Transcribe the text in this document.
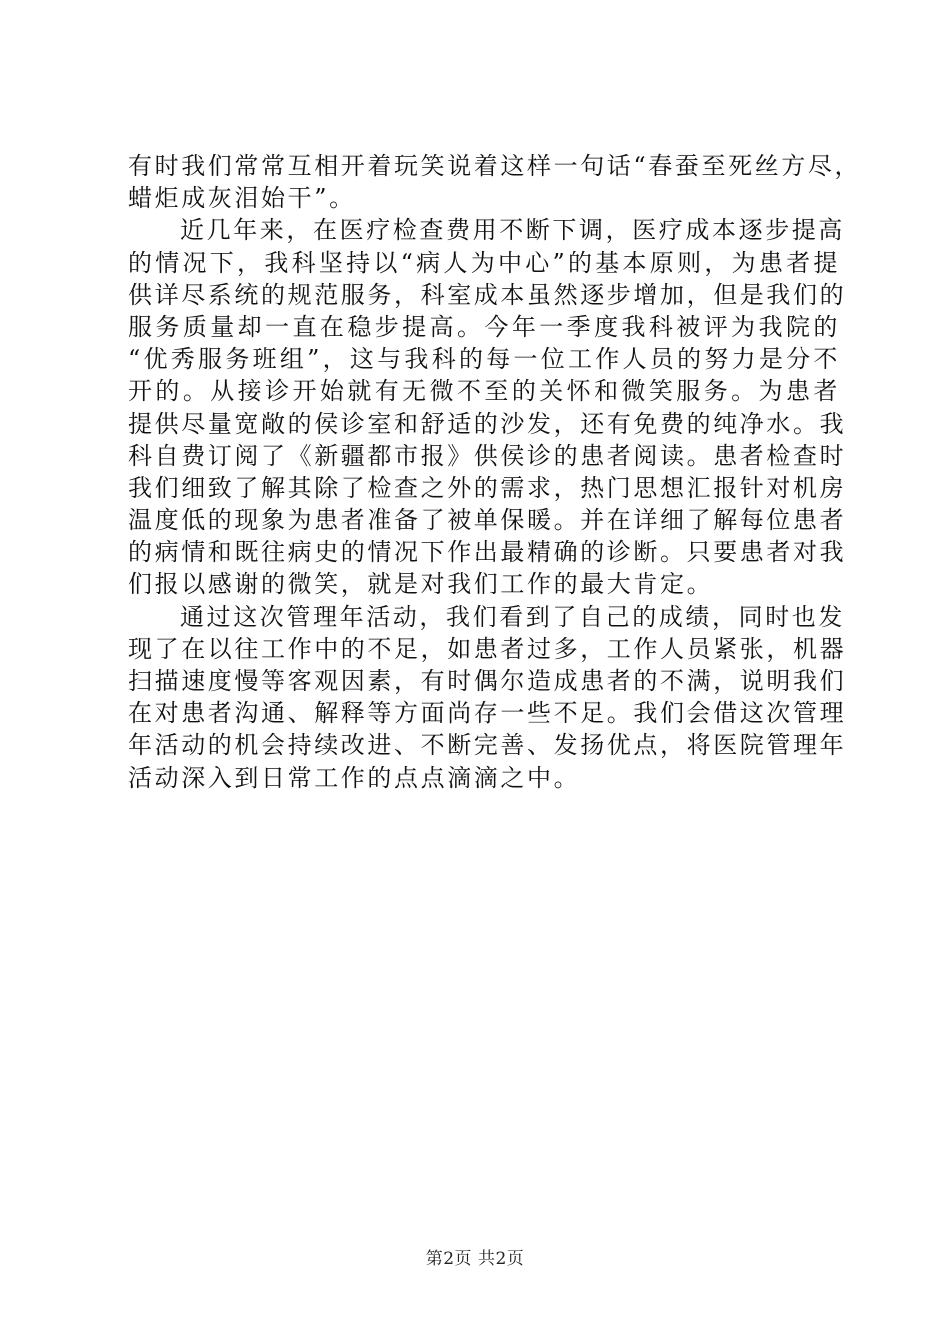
有时我们常常互相开着玩笑说着这样一句话“春蚕至死丝方尽，
蜡炬成灰泪始干”。
近几年来，在医疗检查费用不断下调，医疗成本逐步提高
的情况下，我科坚持以“病人为中心”的基本原则，为患者提
供详尽系统的规范服务，科室成本虽然逐步增加，但是我们的
服务质量却一直在稳步提高。今年一季度我科被评为我院的
“优秀服务班组”，这与我科的每一位工作人员的努力是分不
开的。从接诊开始就有无微不至的关怀和微笑服务。为患者
提供尽量宽敞的侯诊室和舒适的沙发，还有免费的纯净水。我
科自费订阅了《新疆都市报》供侯诊的患者阅读。患者检查时
我们细致了解其除了检查之外的需求，热门思想汇报针对机房
温度低的现象为患者准备了被单保暖。并在详细了解每位患者
的病情和既往病史的情况下作出最精确的诊断。只要患者对我
们报以感谢的微笑，就是对我们工作的最大肯定。
通过这次管理年活动，我们看到了自己的成绩，同时也发
现了在以往工作中的不足，如患者过多，工作人员紧张，机器
扫描速度慢等客观因素，有时偶尔造成患者的不满，说明我们
在对患者沟通、解释等方面尚存一些不足。我们会借这次管理
年活动的机会持续改进、不断完善、发扬优点，将医院管理年
活动深入到日常工作的点点滴滴之中。
第2页 共2页
